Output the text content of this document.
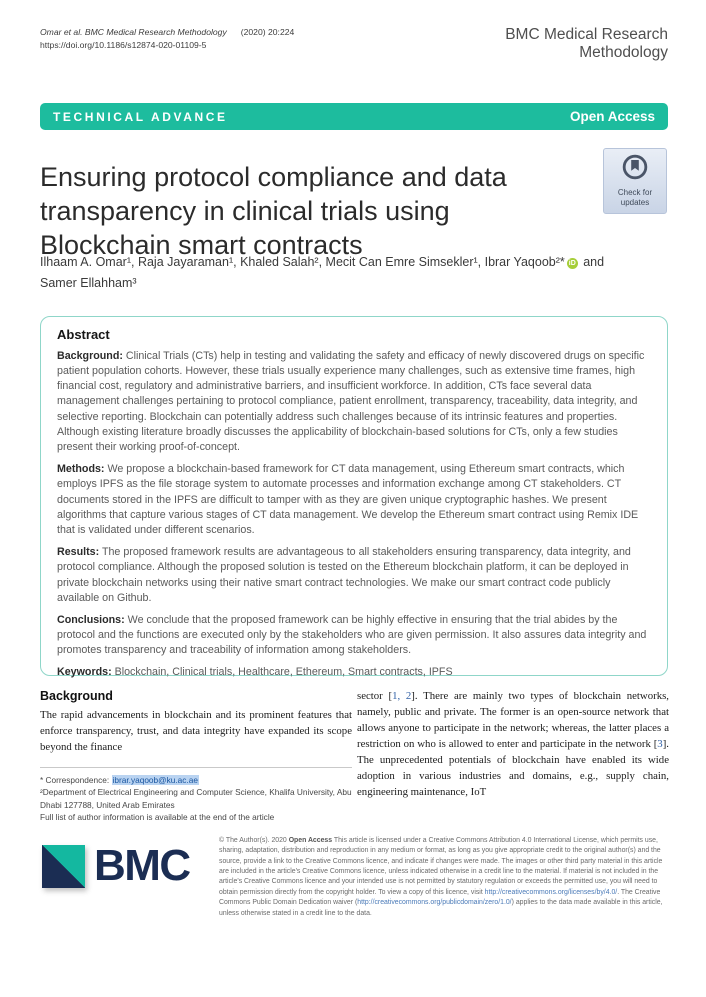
Omar et al. BMC Medical Research Methodology (2020) 20:224
https://doi.org/10.1186/s12874-020-01109-5
BMC Medical Research
Methodology
TECHNICAL ADVANCE	Open Access
Ensuring protocol compliance and data transparency in clinical trials using Blockchain smart contracts
Check for
updates
Ilhaam A. Omar¹, Raja Jayaraman¹, Khaled Salah², Mecit Can Emre Simsekler¹, Ibrar Yaqoob²* iD and
Samer Ellahham³
Abstract

Background: Clinical Trials (CTs) help in testing and validating the safety and efficacy of newly discovered drugs on specific patient population cohorts. However, these trials usually experience many challenges, such as extensive time frames, high financial cost, regulatory and administrative barriers, and insufficient workforce. In addition, CTs face several data management challenges pertaining to protocol compliance, patient enrollment, transparency, traceability, data integrity, and selective reporting. Blockchain can potentially address such challenges because of its intrinsic features and properties. Although existing literature broadly discusses the applicability of blockchain-based solutions for CTs, only a few studies present their working proof-of-concept.

Methods: We propose a blockchain-based framework for CT data management, using Ethereum smart contracts, which employs IPFS as the file storage system to automate processes and information exchange among CT stakeholders. CT documents stored in the IPFS are difficult to tamper with as they are given unique cryptographic hashes. We present algorithms that capture various stages of CT data management. We develop the Ethereum smart contract using Remix IDE that is validated under different scenarios.

Results: The proposed framework results are advantageous to all stakeholders ensuring transparency, data integrity, and protocol compliance. Although the proposed solution is tested on the Ethereum blockchain platform, it can be deployed in private blockchain networks using their native smart contract technologies. We make our smart contract code publicly available on Github.

Conclusions: We conclude that the proposed framework can be highly effective in ensuring that the trial abides by the protocol and the functions are executed only by the stakeholders who are given permission. It also assures data integrity and promotes transparency and traceability of information among stakeholders.

Keywords: Blockchain, Clinical trials, Healthcare, Ethereum, Smart contracts, IPFS

Background

The rapid advancements in blockchain and its prominent features that enforce transparency, trust, and data integrity have expanded its scope beyond the finance

sector [1, 2]. There are mainly two types of blockchain networks, namely, public and private. The former is an open-source network that allows anyone to participate in the network; whereas, the latter places a restriction on who is allowed to enter and participate in the network [3]. The unprecedented potentials of blockchain have enabled its wide adoption in various industries and domains, e.g., supply chain, engineering maintenance, IoT

* Correspondence: ibrar.yaqoob@ku.ac.ae
²Department of Electrical Engineering and Computer Science, Khalifa University, Abu Dhabi 127788, United Arab Emirates
Full list of author information is available at the end of the article
BMC
© The Author(s). 2020 Open Access This article is licensed under a Creative Commons Attribution 4.0 International License, which permits use, sharing, adaptation, distribution and reproduction in any medium or format, as long as you give appropriate credit to the original author(s) and the source, provide a link to the Creative Commons licence, and indicate if changes were made. The images or other third party material in this article are included in the article's Creative Commons licence, unless indicated otherwise in a credit line to the material. If material is not included in the article's Creative Commons licence and your intended use is not permitted by statutory regulation or exceeds the permitted use, you will need to obtain permission directly from the copyright holder. To view a copy of this licence, visit http://creativecommons.org/licenses/by/4.0/. The Creative Commons Public Domain Dedication waiver (http://creativecommons.org/publicdomain/zero/1.0/) applies to the data made available in this article, unless otherwise stated in a credit line to the data.
